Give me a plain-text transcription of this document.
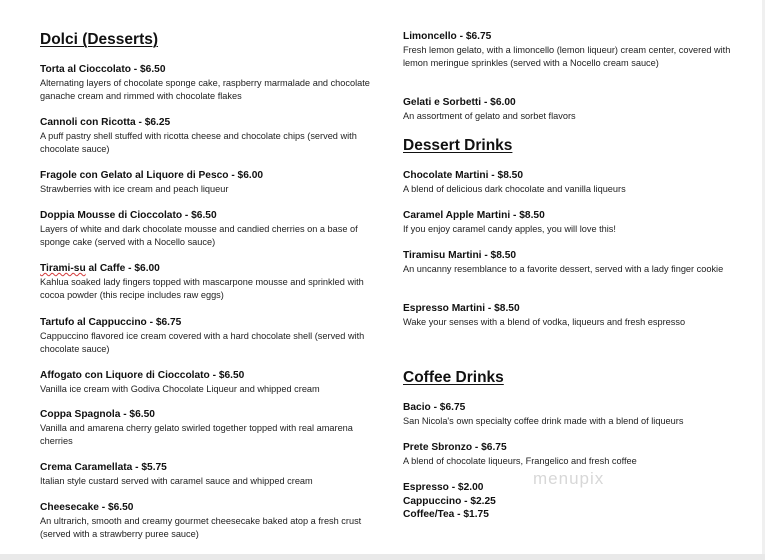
Dolci (Desserts)
Torta al Cioccolato - $6.50
Alternating layers of chocolate sponge cake, raspberry marmalade and chocolate ganache cream and rimmed with chocolate flakes
Cannoli con Ricotta - $6.25
A puff pastry shell stuffed with ricotta cheese and chocolate chips (served with chocolate sauce)
Fragole con Gelato al Liquore di Pesco - $6.00
Strawberries with ice cream and peach liqueur
Doppia Mousse di Cioccolato - $6.50
Layers of white and dark chocolate mousse and candied cherries on a base of sponge cake (served with a Nocello sauce)
Tirami-su al Caffe - $6.00
Kahlua soaked lady fingers topped with mascarpone mousse and sprinkled with cocoa powder (this recipe includes raw eggs)
Tartufo al Cappuccino - $6.75
Cappuccino flavored ice cream covered with a hard chocolate shell (served with chocolate sauce)
Affogato con Liquore di Cioccolato - $6.50
Vanilla ice cream with Godiva Chocolate Liqueur and whipped cream
Coppa Spagnola - $6.50
Vanilla and amarena cherry gelato swirled together topped with real amarena cherries
Crema Caramellata - $5.75
Italian style custard served with caramel sauce and whipped cream
Cheesecake - $6.50
An ultrarich, smooth and creamy gourmet cheesecake baked atop a fresh crust (served with a strawberry puree sauce)
Limoncello - $6.75
Fresh lemon gelato, with a limoncello (lemon liqueur) cream center, covered with lemon meringue sprinkles (served with a Nocello cream sauce)
Gelati e Sorbetti - $6.00
An assortment of gelato and sorbet flavors
Dessert Drinks
Chocolate Martini - $8.50
A blend of delicious dark chocolate and vanilla liqueurs
Caramel Apple Martini - $8.50
If you enjoy caramel candy apples, you will love this!
Tiramisu Martini - $8.50
An uncanny resemblance to a favorite dessert, served with a lady finger cookie
Espresso Martini - $8.50
Wake your senses with a blend of vodka, liqueurs and fresh espresso
Coffee Drinks
Bacio - $6.75
San Nicola's own specialty coffee drink made with a blend of liqueurs
Prete Sbronzo - $6.75
A blend of chocolate liqueurs, Frangelico and fresh coffee
Espresso - $2.00
Cappuccino - $2.25
Coffee/Tea - $1.75
menupix
